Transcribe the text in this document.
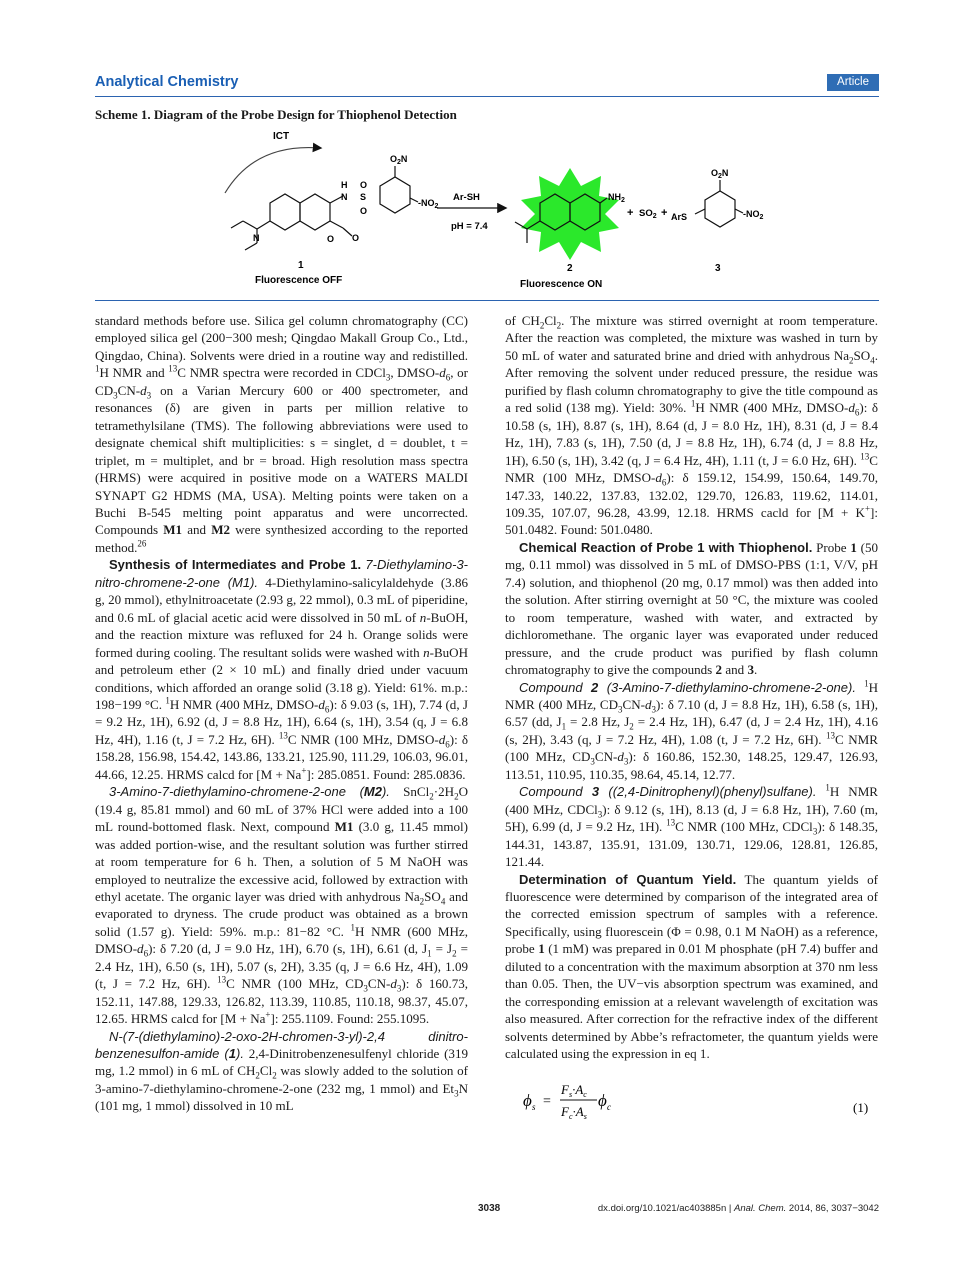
Analytical Chemistry	Article
Scheme 1. Diagram of the Probe Design for Thiophenol Detection
ICT
N	O O
H
N S
O
O
$O_2N$
$-NO_2$
1
Fluorescence OFF
Ar-SH
pH = 7.4
$NH_2$
2
Fluorescence ON
+ $SO_2$ + ArS
$O_2N$
$-NO_2$
3

standard methods before use. Silica gel column chromatography (CC) employed silica gel (200−300 mesh; Qingdao Makall Group Co., Ltd., Qingdao, China). Solvents were dried in a routine way and redistilled. $^1$H NMR and $^{13}$C NMR spectra were recorded in CDCl$_3$, DMSO-$d_6$, or $CD_3CN-d_3$ on a Varian Mercury 600 or 400 spectrometer, and resonances (δ) are given in parts per million relative to tetramethylsilane (TMS). The following abbreviations were used to designate chemical shift multiplicities: s = singlet, d = doublet, t = triplet, m = multiplet, and br = broad. High resolution mass spectra (HRMS) were acquired in positive mode on a WATERS MALDI SYNAPT G2 HDMS (MA, USA). Melting points were taken on a Buchi B-545 melting point apparatus and were uncorrected. Compounds M1 and M2 were synthesized according to the reported method.$^{26}$

Synthesis of Intermediates and Probe 1. 7-Diethylamino-3-nitro-chromene-2-one (M1). 4-Diethylamino-salicylaldehyde (3.86 g, 20 mmol), ethylnitroacetate (2.93 g, 22 mmol), 0.3 mL of piperidine, and 0.6 mL of glacial acetic acid were dissolved in 50 mL of n-BuOH, and the reaction mixture was refluxed for 24 h. Orange solids were formed during cooling. The resultant solids were washed with n-BuOH and petroleum ether (2 × 10 mL) and finally dried under vacuum conditions, which afforded an orange solid (3.18 g). Yield: 61%. m.p.: 198−199 °C. $^1$H NMR (400 MHz, DMSO-$d_6$): δ 9.03 (s, 1H), 7.74 (d, J = 9.2 Hz, 1H), 6.92 (d, J = 8.8 Hz, 1H), 6.64 (s, 1H), 3.54 (q, J = 6.8 Hz, 4H), 1.16 (t, J = 7.2 Hz, 6H). $^{13}$C NMR (100 MHz, DMSO-$d_6$): δ 158.28, 156.98, 154.42, 143.86, 133.21, 125.90, 111.29, 106.03, 96.01, 44.66, 12.25. HRMS calcd for [M + Na+]: 285.0851. Found: 285.0836.

3-Amino-7-diethylamino-chromene-2-one (M2). $SnCl_2\cdot 2H_2O$ (19.4 g, 85.81 mmol) and 60 mL of 37% HCl were added into a 100 mL round-bottomed flask. Next, compound M1 (3.0 g, 11.45 mmol) was added portion-wise, and the resultant solution was further stirred at room temperature for 6 h. Then, a solution of 5 M NaOH was employed to neutralize the excessive acid, followed by extraction with ethyl acetate. The organic layer was dried with anhydrous $Na_2SO_4$ and evaporated to dryness. The crude product was obtained as a brown solid (1.57 g). Yield: 59%. m.p.: 81−82 °C. $^1$H NMR (600 MHz, DMSO-$d_6$): δ 7.20 (d, J = 9.0 Hz, 1H), 6.70 (s, 1H), 6.61 (d, $J_1 = J_2 = 2.4$ Hz, 1H), 6.50 (s, 1H), 5.07 (s, 2H), 3.35 (q, J = 6.6 Hz, 4H), 1.09 (t, J = 7.2 Hz, 6H). $^{13}$C NMR (100 MHz, $CD_3CN-d_3$): δ 160.73, 152.11, 147.88, 129.33, 126.82, 113.39, 110.85, 110.18, 98.37, 45.07, 12.65. HRMS calcd for [M + Na+]: 255.1109. Found: 255.1095.

N-(7-(diethylamino)-2-oxo-2H-chromen-3-yl)-2,4 dinitro-benzenesulfon-amide (1). 2,4-Dinitrobenzenesulfenyl chloride (319 mg, 1.2 mmol) in 6 mL of $CH_2Cl_2$ was slowly added to the solution of 3-amino-7-diethylamino-chromene-2-one (232 mg, 1 mmol) and $Et_3N$ (101 mg, 1 mmol) dissolved in 10 mL

of $CH_2Cl_2$. The mixture was stirred overnight at room temperature. After the reaction was completed, the mixture was washed in turn by 50 mL of water and saturated brine and dried with anhydrous $Na_2SO_4$. After removing the solvent under reduced pressure, the residue was purified by flash column chromatography to give the title compound as a red solid (138 mg). Yield: 30%. $^1$H NMR (400 MHz, DMSO-$d_6$): δ 10.58 (s, 1H), 8.87 (s, 1H), 8.64 (d, J = 8.0 Hz, 1H), 8.31 (d, J = 8.4 Hz, 1H), 7.83 (s, 1H), 7.50 (d, J = 8.8 Hz, 1H), 6.74 (d, J = 8.8 Hz, 1H), 6.50 (s, 1H), 3.42 (q, J = 6.4 Hz, 4H), 1.11 (t, J = 6.0 Hz, 6H). $^{13}$C NMR (100 MHz, DMSO-$d_6$): δ 159.12, 154.99, 150.64, 149.70, 147.33, 140.22, 137.83, 132.02, 129.70, 126.83, 119.62, 114.01, 109.35, 107.07, 96.28, 43.99, 12.18. HRMS cacld for [M + K+]: 501.0482. Found: 501.0480.

Chemical Reaction of Probe 1 with Thiophenol. Probe 1 (50 mg, 0.11 mmol) was dissolved in 5 mL of DMSO-PBS (1:1, V/V, pH 7.4) solution, and thiophenol (20 mg, 0.17 mmol) was then added into the solution. After stirring overnight at 50 °C, the mixture was cooled to room temperature, washed with water, and extracted by dichloromethane. The organic layer was evaporated under reduced pressure, and the crude product was purified by flash column chromatography to give the compounds 2 and 3.

Compound 2 (3-Amino-7-diethylamino-chromene-2-one). $^1$H NMR (400 MHz, $CD_3CN-d_3$): δ 7.10 (d, J = 8.8 Hz, 1H), 6.58 (s, 1H), 6.57 (dd, $J_1 = 2.8$ Hz, $J_2 = 2.4$ Hz, 1H), 6.47 (d, J = 2.4 Hz, 1H), 4.16 (s, 2H), 3.43 (q, J = 7.2 Hz, 4H), 1.08 (t, J = 7.2 Hz, 6H). $^{13}$C NMR (100 MHz, $CD_3CN-d_3$): δ 160.86, 152.30, 148.25, 129.47, 126.93, 113.51, 110.95, 110.35, 98.64, 45.14, 12.77.

Compound 3 ((2,4-Dinitrophenyl)(phenyl)sulfane). $^1$H NMR (400 MHz, CDCl$_3$): δ 9.12 (s, 1H), 8.13 (d, J = 6.8 Hz, 1H), 7.60 (m, 5H), 6.99 (d, J = 9.2 Hz, 1H). $^{13}$C NMR (100 MHz, CDCl$_3$): δ 148.35, 144.31, 143.87, 135.91, 131.09, 130.71, 129.06, 128.81, 126.85, 121.44.

Determination of Quantum Yield. The quantum yields of fluorescence were determined by comparison of the integrated area of the corrected emission spectrum of samples with a reference. Specifically, using fluorescein (Φ = 0.98, 0.1 M NaOH) as a reference, probe 1 (1 mM) was prepared in 0.01 M phosphate (pH 7.4) buffer and diluted to a concentration with the maximum absorption at 370 nm less than 0.05. Then, the UV−vis absorption spectrum was examined, and the corresponding emission at a relevant wavelength of excitation was also measured. After correction for the refractive index of the different solvents determined by Abbe’s refractometer, the quantum yields were calculated using the expression in eq 1.

ϕ s =
$F_s\cdot A_c$
$F_c\cdot A_s$
ϕ c	(1)
3038	dx.doi.org/10.1021/ac403885n | Anal. Chem. 2014, 86, 3037−3042
